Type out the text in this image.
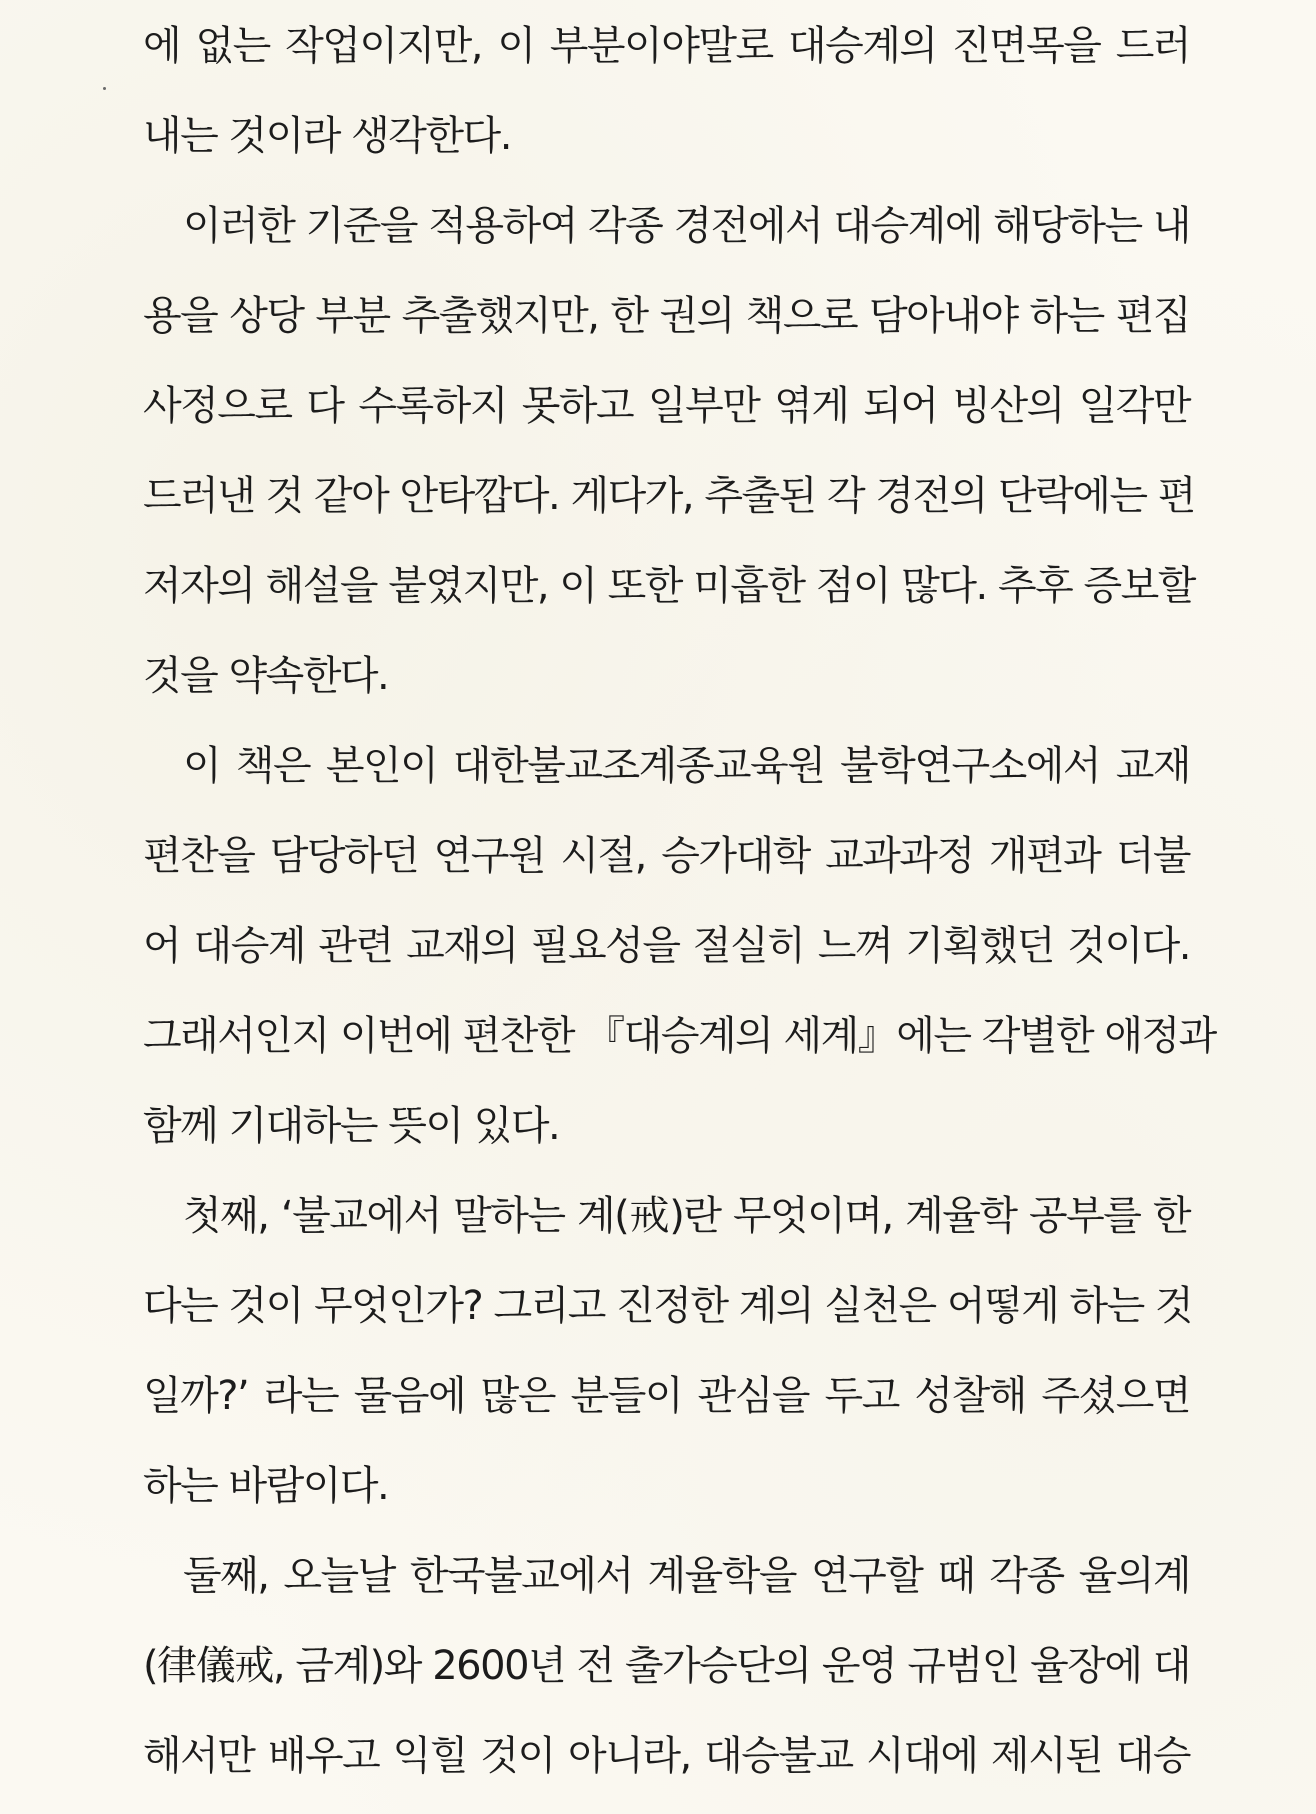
에 없는 작업이지만, 이 부분이야말로 대승계의 진면목을 드러
내는 것이라 생각한다.
이러한 기준을 적용하여 각종 경전에서 대승계에 해당하는 내
용을 상당 부분 추출했지만, 한 권의 책으로 담아내야 하는 편집
사정으로 다 수록하지 못하고 일부만 엮게 되어 빙산의 일각만
드러낸 것 같아 안타깝다. 게다가, 추출된 각 경전의 단락에는 편
저자의 해설을 붙였지만, 이 또한 미흡한 점이 많다. 추후 증보할
것을 약속한다.
이 책은 본인이 대한불교조계종교육원 불학연구소에서 교재
편찬을 담당하던 연구원 시절, 승가대학 교과과정 개편과 더불
어 대승계 관련 교재의 필요성을 절실히 느껴 기획했던 것이다.
그래서인지 이번에 편찬한 『대승계의 세계』에는 각별한 애정과
함께 기대하는 뜻이 있다.
첫째, ‘불교에서 말하는 계(戒)란 무엇이며, 계율학 공부를 한
다는 것이 무엇인가? 그리고 진정한 계의 실천은 어떻게 하는 것
일까?’ 라는 물음에 많은 분들이 관심을 두고 성찰해 주셨으면
하는 바람이다.
둘째, 오늘날 한국불교에서 계율학을 연구할 때 각종 율의계
(律儀戒, 금계)와 2600년 전 출가승단의 운영 규범인 율장에 대
해서만 배우고 익힐 것이 아니라, 대승불교 시대에 제시된 대승
